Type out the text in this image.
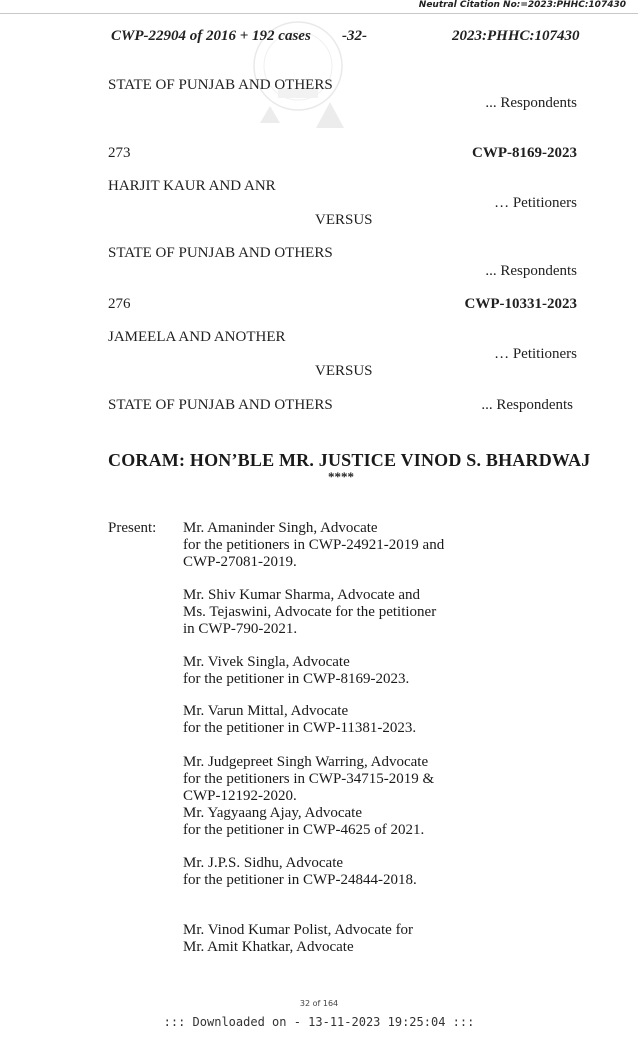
Neutral Citation No:=2023:PHHC:107430
CWP-22904 of 2016 + 192 cases -32-	2023:PHHC:107430
STATE OF PUNJAB AND OTHERS
... Respondents
273	CWP-8169-2023
HARJIT KAUR AND ANR
… Petitioners
VERSUS
STATE OF PUNJAB AND OTHERS
... Respondents
276	CWP-10331-2023
JAMEELA AND ANOTHER
… Petitioners
VERSUS
STATE OF PUNJAB AND OTHERS	... Respondents
CORAM: HON’BLE MR. JUSTICE VINOD S. BHARDWAJ
****
Present: Mr. Amaninder Singh, Advocate
for the petitioners in CWP-24921-2019 and
CWP-27081-2019.
Mr. Shiv Kumar Sharma, Advocate and
Ms. Tejaswini, Advocate for the petitioner
in CWP-790-2021.
Mr. Vivek Singla, Advocate
for the petitioner in CWP-8169-2023.
Mr. Varun Mittal, Advocate
for the petitioner in CWP-11381-2023.
Mr. Judgepreet Singh Warring, Advocate
for the petitioners in CWP-34715-2019 &
CWP-12192-2020.
Mr. Yagyaang Ajay, Advocate
for the petitioner in CWP-4625 of 2021.
Mr. J.P.S. Sidhu, Advocate
for the petitioner in CWP-24844-2018.
Mr. Vinod Kumar Polist, Advocate for
Mr. Amit Khatkar, Advocate
32 of 164
::: Downloaded on - 13-11-2023 19:25:04 :::
